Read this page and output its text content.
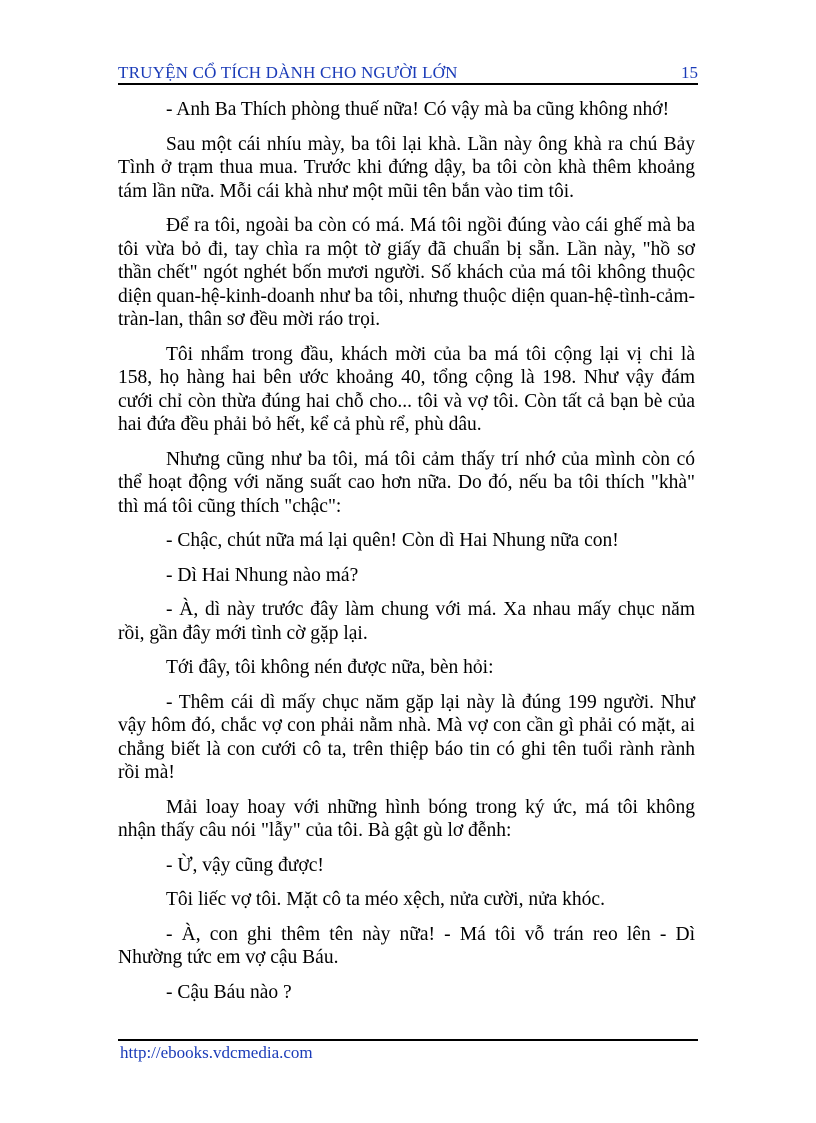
TRUYỆN CỔ TÍCH DÀNH CHO NGƯỜI LỚN	15

- Anh Ba Thích phòng thuế nữa! Có vậy mà ba cũng không nhớ!

Sau một cái nhíu mày, ba tôi lại khà. Lần này ông khà ra chú Bảy Tình ở trạm thua mua. Trước khi đứng dậy, ba tôi còn khà thêm khoảng tám lần nữa. Mỗi cái khà như một mũi tên bắn vào tim tôi.

Để ra tôi, ngoài ba còn có má. Má tôi ngồi đúng vào cái ghế mà ba tôi vừa bỏ đi, tay chìa ra một tờ giấy đã chuẩn bị sẵn. Lần này, "hồ sơ thần chết" ngót nghét bốn mươi người. Số khách của má tôi không thuộc diện quan-hệ-kinh-doanh như ba tôi, nhưng thuộc diện quan-hệ-tình-cảm-tràn-lan, thân sơ đều mời ráo trọi.

Tôi nhẩm trong đầu, khách mời của ba má tôi cộng lại vị chi là 158, họ hàng hai bên ước khoảng 40, tổng cộng là 198. Như vậy đám cưới chỉ còn thừa đúng hai chỗ cho... tôi và vợ tôi. Còn tất cả bạn bè của hai đứa đều phải bỏ hết, kể cả phù rể, phù dâu.

Nhưng cũng như ba tôi, má tôi cảm thấy trí nhớ của mình còn có thể hoạt động với năng suất cao hơn nữa. Do đó, nếu ba tôi thích "khà" thì má tôi cũng thích "chậc":

- Chậc, chút nữa má lại quên! Còn dì Hai Nhung nữa con!

- Dì Hai Nhung nào má?

- À, dì này trước đây làm chung với má. Xa nhau mấy chục năm rồi, gần đây mới tình cờ gặp lại.

Tới đây, tôi không nén được nữa, bèn hỏi:

- Thêm cái dì mấy chục năm gặp lại này là đúng 199 người. Như vậy hôm đó, chắc vợ con phải nằm nhà. Mà vợ con cần gì phải có mặt, ai chẳng biết là con cưới cô ta, trên thiệp báo tin có ghi tên tuổi rành rành rồi mà!

Mải loay hoay với những hình bóng trong ký ức, má tôi không nhận thấy câu nói "lẫy" của tôi. Bà gật gù lơ đễnh:

- Ừ, vậy cũng được!

Tôi liếc vợ tôi. Mặt cô ta méo xệch, nửa cười, nửa khóc.

- À, con ghi thêm tên này nữa! - Má tôi vỗ trán reo lên - Dì Nhường tức em vợ cậu Báu.

- Cậu Báu nào ?

http://ebooks.vdcmedia.com
